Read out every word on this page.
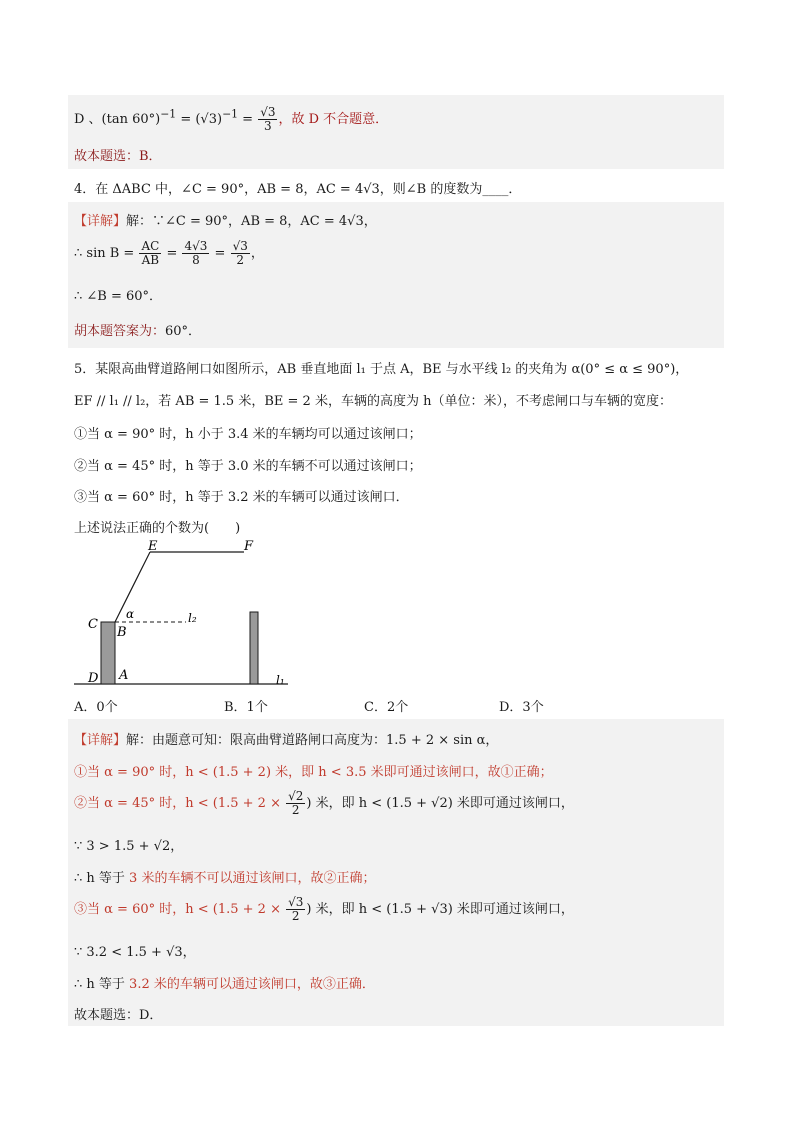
D 、(tan $60^\circ)^{-1} = (√3)^{-1} = \frac{√3}{3}$ ，故 D 不合题意．
故本题选：B．
4．在 ΔABC 中，∠C = 90°，AB = 8，AC = 4√3，则∠B 的度数为____．
【详解】解：∵∠C = 90°，AB = 8，AC = 4√3，
∴ $\sin B = \frac{AC}{AB} = \frac{4√3}{8} = \frac{√3}{2}$ ，
∴ ∠B = 60°．
胡本题答案为：60°．
5．某限高曲臂道路闸口如图所示，AB 垂直地面 l₁ 于点 A，BE 与水平线 l₂ 的夹角为 α(0° ≤ α ≤ 90°)，
EF // l₁ // l₂，若 AB = 1.5 米，BE = 2 米，车辆的高度为 h（单位：米），不考虑闸口与车辆的宽度：
①当 α = 90° 时，h 小于 3.4 米的车辆均可以通过该闸口；
②当 α = 45° 时，h 等于 3.0 米的车辆不可以通过该闸口；
③当 α = 60° 时，h 等于 3.2 米的车辆可以通过该闸口．
上述说法正确的个数为(　　)
E	F
C
B
α	l₂
D A	l₁
A．0个	B．1个	C．2个	D．3个
【详解】解：由题意可知：限高曲臂道路闸口高度为：1.5 + 2 × sin α，
①当 α = 90° 时，h < (1.5 + 2) 米，即 h < 3.5 米即可通过该闸口，故①正确；
②当 α = 45° 时，$h < (1.5 + 2 \times \frac{√2}{2}$ ) 米，即 h < (1.5 + √2) 米即可通过该闸口，
∵ 3 > 1.5 + √2，
∴ h 等于 3 米的车辆不可以通过该闸口，故②正确；
③当 α = 60° 时，$h < (1.5 + 2 \times \frac{√3}{2}$ ) 米，即 h < (1.5 + √3) 米即可通过该闸口，
∵ 3.2 < 1.5 + √3，
∴ h 等于 3.2 米的车辆可以通过该闸口，故③正确．
故本题选：D．
